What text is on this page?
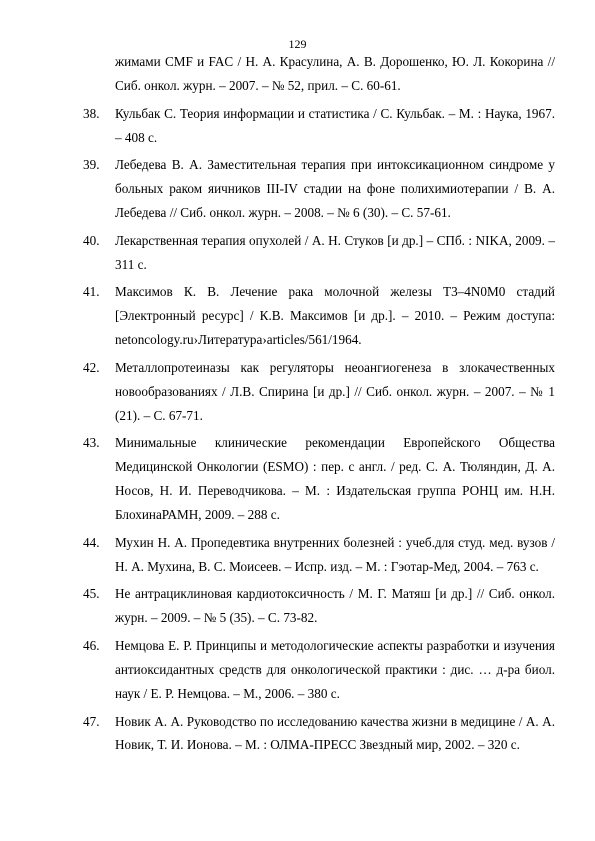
129

жимами CMF и FAC / Н. А. Красулина, А. В. Дорошенко, Ю. Л. Кокорина // Сиб. онкол. журн. – 2007. – № 52, прил. – С. 60-61.

38. Кульбак С. Теория информации и статистика / С. Кульбак. – М. : Наука, 1967. – 408 с.
39. Лебедева В. А. Заместительная терапия при интоксикационном синдроме у больных раком яичников III-IV стадии на фоне полихимиотерапии / В. А. Лебедева // Сиб. онкол. журн. – 2008. – № 6 (30). – С. 57-61.
40. Лекарственная терапия опухолей / А. Н. Стуков [и др.] – СПб. : NIKA, 2009. – 311 с.
41. Максимов К. В. Лечение рака молочной железы Т3–4N0M0 стадий [Электронный ресурс] / К.В. Максимов [и др.]. – 2010. – Режим доступа: netoncology.ru›Литература›articles/561/1964.
42. Металлопротеиназы как регуляторы неоангиогенеза в злокачественных новообразованиях / Л.В. Спирина [и др.] // Сиб. онкол. журн. – 2007. – № 1 (21). – С. 67-71.
43. Минимальные клинические рекомендации Европейского Общества Медицинской Онкологии (ESMO) : пер. с англ. / ред. С. А. Тюляндин, Д. А. Носов, Н. И. Переводчикова. – М. : Издательская группа РОНЦ им. Н.Н. БлохинаРАМН, 2009. – 288 с.
44. Мухин Н. А. Пропедевтика внутренних болезней : учеб.для студ. мед. вузов / Н. А. Мухина, В. С. Моисеев. – Испр. изд. – М. : Гэотар-Мед, 2004. – 763 с.
45. Не антрациклиновая кардиотоксичность / М. Г. Матяш [и др.] // Сиб. онкол. журн. – 2009. – № 5 (35). – С. 73-82.
46. Немцова Е. Р. Принципы и методологические аспекты разработки и изучения антиоксидантных средств для онкологической практики : дис. … д-ра биол. наук / Е. Р. Немцова. – М., 2006. – 380 с.
47. Новик А. А. Руководство по исследованию качества жизни в медицине / А. А. Новик, Т. И. Ионова. – М. : ОЛМА-ПРЕСС Звездный мир, 2002. – 320 с.
